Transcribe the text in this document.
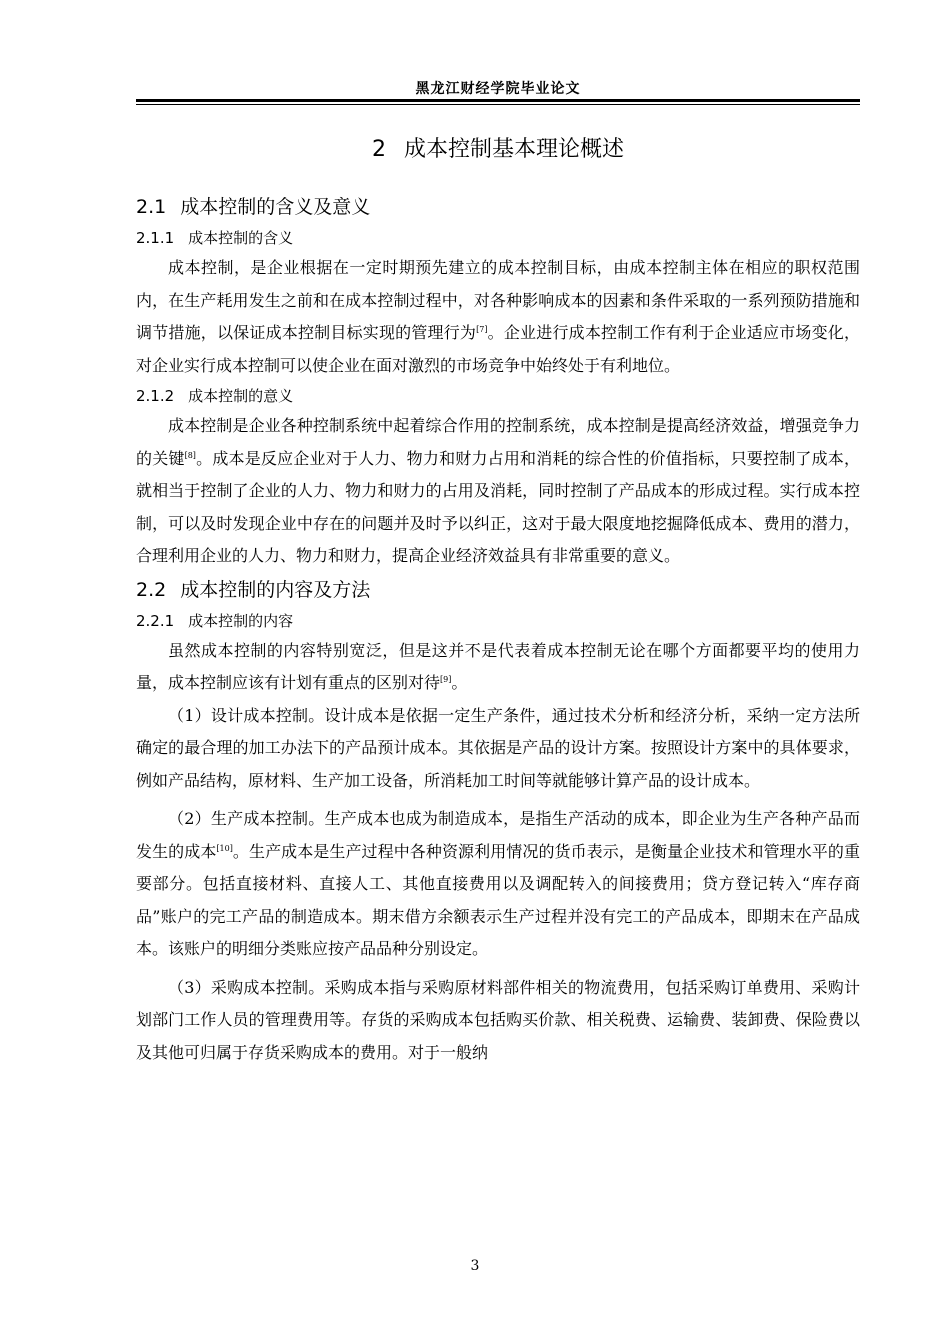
黑龙江财经学院毕业论文
2 成本控制基本理论概述
2.1 成本控制的含义及意义
2.1.1 成本控制的含义

成本控制，是企业根据在一定时期预先建立的成本控制目标，由成本控制主体在相应的职权范围内，在生产耗用发生之前和在成本控制过程中，对各种影响成本的因素和条件采取的一系列预防措施和调节措施，以保证成本控制目标实现的管理行为[7]。企业进行成本控制工作有利于企业适应市场变化，对企业实行成本控制可以使企业在面对激烈的市场竞争中始终处于有利地位。

2.1.2 成本控制的意义

成本控制是企业各种控制系统中起着综合作用的控制系统，成本控制是提高经济效益，增强竞争力的关键[8]。成本是反应企业对于人力、物力和财力占用和消耗的综合性的价值指标，只要控制了成本，就相当于控制了企业的人力、物力和财力的占用及消耗，同时控制了产品成本的形成过程。实行成本控制，可以及时发现企业中存在的问题并及时予以纠正，这对于最大限度地挖掘降低成本、费用的潜力，合理利用企业的人力、物力和财力，提高企业经济效益具有非常重要的意义。

2.2 成本控制的内容及方法
2.2.1 成本控制的内容

虽然成本控制的内容特别宽泛，但是这并不是代表着成本控制无论在哪个方面都要平均的使用力量，成本控制应该有计划有重点的区别对待[9]。

（1）设计成本控制。设计成本是依据一定生产条件，通过技术分析和经济分析，采纳一定方法所确定的最合理的加工办法下的产品预计成本。其依据是产品的设计方案。按照设计方案中的具体要求，例如产品结构，原材料、生产加工设备，所消耗加工时间等就能够计算产品的设计成本。

（2）生产成本控制。生产成本也成为制造成本，是指生产活动的成本，即企业为生产各种产品而发生的成本[10]。生产成本是生产过程中各种资源利用情况的货币表示，是衡量企业技术和管理水平的重要部分。包括直接材料、直接人工、其他直接费用以及调配转入的间接费用；贷方登记转入“库存商品”账户的完工产品的制造成本。期末借方余额表示生产过程并没有完工的产品成本，即期末在产品成本。该账户的明细分类账应按产品品种分别设定。

（3）采购成本控制。采购成本指与采购原材料部件相关的物流费用，包括采购订单费用、采购计划部门工作人员的管理费用等。存货的采购成本包括购买价款、相关税费、运输费、装卸费、保险费以及其他可归属于存货采购成本的费用。对于一般纳

3
